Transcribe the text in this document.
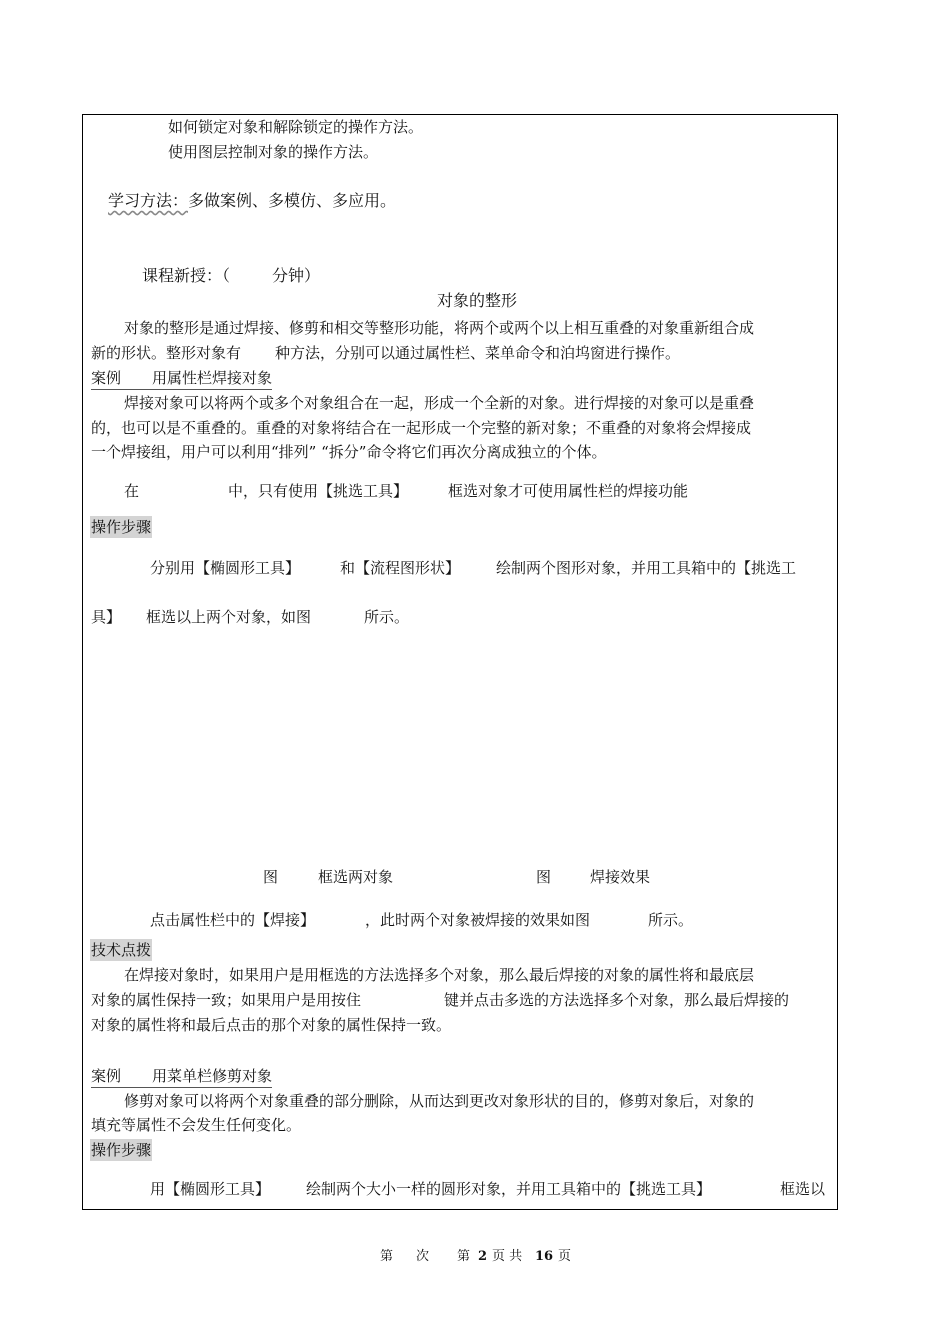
如何锁定对象和解除锁定的操作方法。
使用图层控制对象的操作方法。
学习方法：多做案例、多模仿、多应用。
课程新授：（	分钟）
对象的整形
对象的整形是通过焊接、修剪和相交等整形功能，将两个或两个以上相互重叠的对象重新组合成
新的形状。整形对象有 种方法，分别可以通过属性栏、菜单命令和泊坞窗进行操作。
案例 用属性栏焊接对象
焊接对象可以将两个或多个对象组合在一起，形成一个全新的对象。进行焊接的对象可以是重叠
的，也可以是不重叠的。重叠的对象将结合在一起形成一个完整的新对象；不重叠的对象将会焊接成
一个焊接组，用户可以利用“排列” “拆分”命令将它们再次分离成独立的个体。
在	中，只有使用【挑选工具】	框选对象才可使用属性栏的焊接功能
操作步骤
分别用【椭圆形工具】	和【流程图形状】 绘制两个图形对象，并用工具箱中的【挑选工
具】 框选以上两个对象，如图	所示。
图	框选两对象	图	焊接效果
点击属性栏中的【焊接】	，此时两个对象被焊接的效果如图	所示。
技术点拨
在焊接对象时，如果用户是用框选的方法选择多个对象，那么最后焊接的对象的属性将和最底层
对象的属性保持一致；如果用户是用按住	键并点击多选的方法选择多个对象，那么最后焊接的
对象的属性将和最后点击的那个对象的属性保持一致。
案例 用菜单栏修剪对象
修剪对象可以将两个对象重叠的部分删除，从而达到更改对象形状的目的，修剪对象后，对象的
填充等属性不会发生任何变化。
操作步骤
用【椭圆形工具】 绘制两个大小一样的圆形对象，并用工具箱中的【挑选工具】	框选以
第 次 第 2 页 共 16 页
